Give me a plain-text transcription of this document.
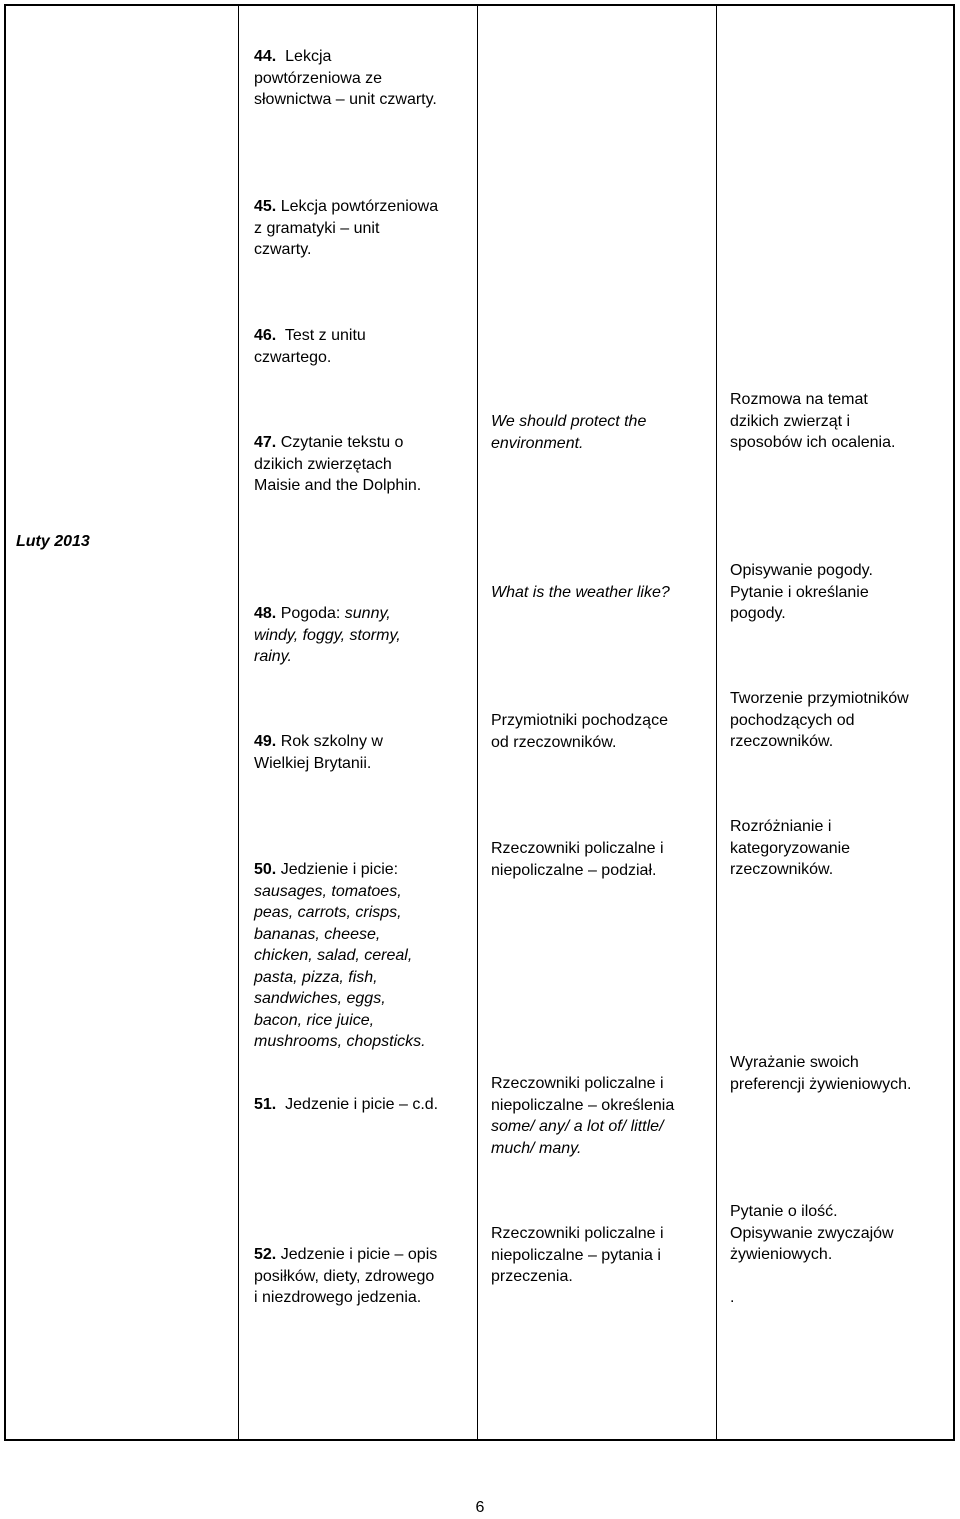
Luty 2013
44. Lekcja
powtórzeniowa ze
słownictwa – unit czwarty.
45. Lekcja powtórzeniowa
z gramatyki – unit
czwarty.
46. Test z unitu
czwartego.
47. Czytanie tekstu o
dzikich zwierzętach
Maisie and the Dolphin.
We should protect the
environment.
Rozmowa na temat
dzikich zwierząt i
sposobów ich ocalenia.
48. Pogoda: sunny,
windy, foggy, stormy,
rainy.
What is the weather like?
Opisywanie pogody.
Pytanie i określanie
pogody.
49. Rok szkolny w
Wielkiej Brytanii.
Przymiotniki pochodzące
od rzeczowników.
Tworzenie przymiotników
pochodzących od
rzeczowników.
50. Jedzienie i picie:
sausages, tomatoes,
peas, carrots, crisps,
bananas, cheese,
chicken, salad, cereal,
pasta, pizza, fish,
sandwiches, eggs,
bacon, rice juice,
mushrooms, chopsticks.
51. Jedzenie i picie – c.d.
Rzeczowniki policzalne i
niepoliczalne – podział.
Rzeczowniki policzalne i
niepoliczalne – określenia
some/ any/ a lot of/ little/
much/ many.
Rozróżnianie i
kategoryzowanie
rzeczowników.
Wyrażanie swoich
preferencji żywieniowych.
52. Jedzenie i picie – opis
posiłków, diety, zdrowego
i niezdrowego jedzenia.
Rzeczowniki policzalne i
niepoliczalne – pytania i
przeczenia.
Pytanie o ilość.
Opisywanie zwyczajów
żywieniowych.
.
6
